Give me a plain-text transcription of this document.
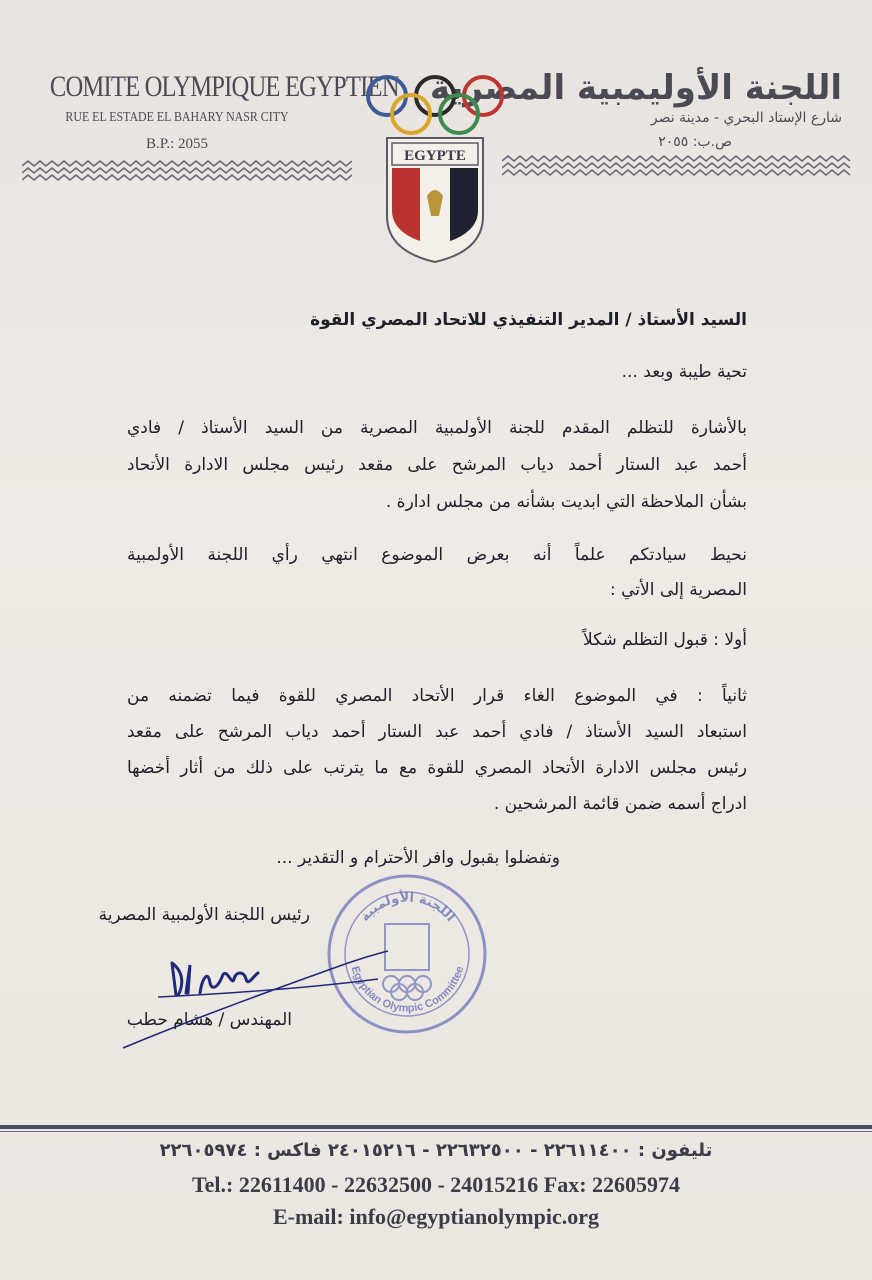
COMITE OLYMPIQUE EGYPTIEN
RUE EL ESTADE EL BAHARY NASR CITY
B.P.: 2055
اللجنة الأوليمبية المصرية
شارع الإستاد البحري - مدينة نصر
ص.ب: ٢٠٥٥
EGYPTE
السيد الأستاذ / المدير التنفيذي للاتحاد المصري القوة
تحية طيبة وبعد ...
بالأشارة للتظلم المقدم للجنة الأولمبية المصرية من السيد الأستاذ / فادي
أحمد عبد الستار أحمد دياب المرشح على مقعد رئيس مجلس الادارة الأتحاد
بشأن الملاحظة التي ابديت بشأنه من مجلس ادارة .
نحيط سيادتكم علماً أنه بعرض الموضوع انتهي رأي اللجنة الأولمبية
المصرية إلى الأتي :
أولا : قبول التظلم شكلاً
ثانياً : في الموضوع الغاء قرار الأتحاد المصري للقوة فيما تضمنه من
استبعاد السيد الأستاذ / فادي أحمد عبد الستار أحمد دياب المرشح على مقعد
رئيس مجلس الادارة الأتحاد المصري للقوة مع ما يترتب على ذلك من أثار أخضها
ادراج أسمه ضمن قائمة المرشحين .
وتفضلوا بقبول وافر الأحترام و التقدير ...
رئيس اللجنة الأولمبية المصرية
المهندس / هشام حطب
اللجنة الأولمبية
Egyptian Olympic Committee
تليفون : ٢٢٦١١٤٠٠ - ٢٢٦٣٢٥٠٠ - ٢٤٠١٥٢١٦ فاكس : ٢٢٦٠٥٩٧٤
Tel.: 22611400 - 22632500 - 24015216 Fax: 22605974
E-mail: info@egyptianolympic.org
